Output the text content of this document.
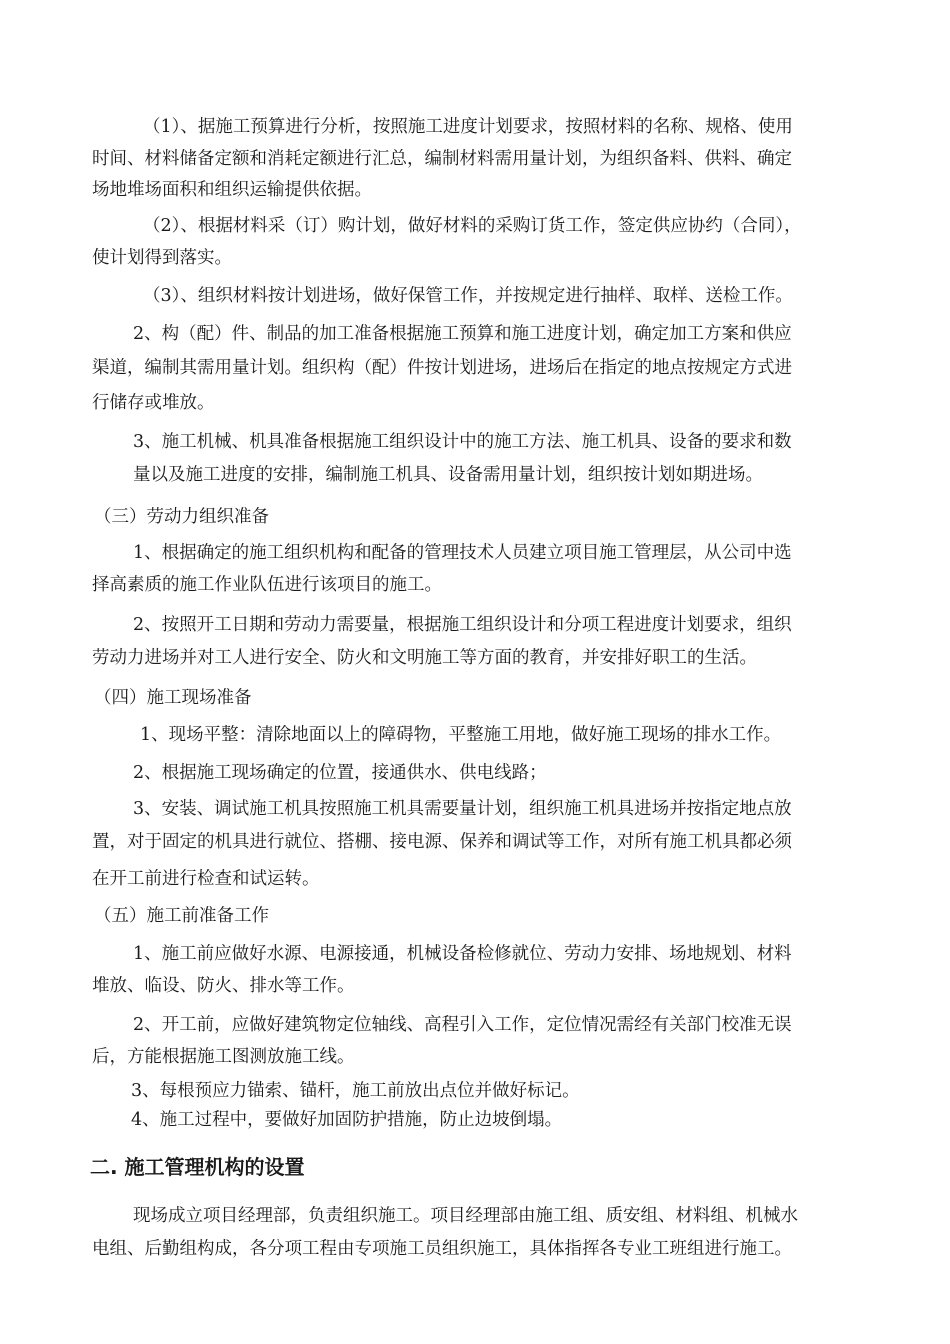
（1）、据施工预算进行分析，按照施工进度计划要求，按照材料的名称、规格、使用
时间、材料储备定额和消耗定额进行汇总，编制材料需用量计划，为组织备料、供料、确定
场地堆场面积和组织运输提供依据。
（2）、根据材料采（订）购计划，做好材料的采购订货工作，签定供应协约（合同），
使计划得到落实。
（3）、组织材料按计划进场，做好保管工作，并按规定进行抽样、取样、送检工作。
2、构（配）件、制品的加工准备根据施工预算和施工进度计划，确定加工方案和供应
渠道，编制其需用量计划。组织构（配）件按计划进场，进场后在指定的地点按规定方式进
行储存或堆放。
3、施工机械、机具准备根据施工组织设计中的施工方法、施工机具、设备的要求和数
量以及施工进度的安排，编制施工机具、设备需用量计划，组织按计划如期进场。
（三）劳动力组织准备
1、根据确定的施工组织机构和配备的管理技术人员建立项目施工管理层，从公司中选
择高素质的施工作业队伍进行该项目的施工。
2、按照开工日期和劳动力需要量，根据施工组织设计和分项工程进度计划要求，组织
劳动力进场并对工人进行安全、防火和文明施工等方面的教育，并安排好职工的生活。
（四）施工现场准备
1、现场平整：清除地面以上的障碍物，平整施工用地，做好施工现场的排水工作。
2、根据施工现场确定的位置，接通供水、供电线路；
3、安装、调试施工机具按照施工机具需要量计划，组织施工机具进场并按指定地点放
置，对于固定的机具进行就位、搭棚、接电源、保养和调试等工作，对所有施工机具都必须
在开工前进行检查和试运转。
（五）施工前准备工作
1、施工前应做好水源、电源接通，机械设备检修就位、劳动力安排、场地规划、材料
堆放、临设、防火、排水等工作。
2、开工前，应做好建筑物定位轴线、高程引入工作，定位情况需经有关部门校准无误
后，方能根据施工图测放施工线。
3、每根预应力锚索、锚杆，施工前放出点位并做好标记。
4、施工过程中，要做好加固防护措施，防止边坡倒塌。
二. 施工管理机构的设置
现场成立项目经理部，负责组织施工。项目经理部由施工组、质安组、材料组、机械水
电组、后勤组构成，各分项工程由专项施工员组织施工，具体指挥各专业工班组进行施工。
